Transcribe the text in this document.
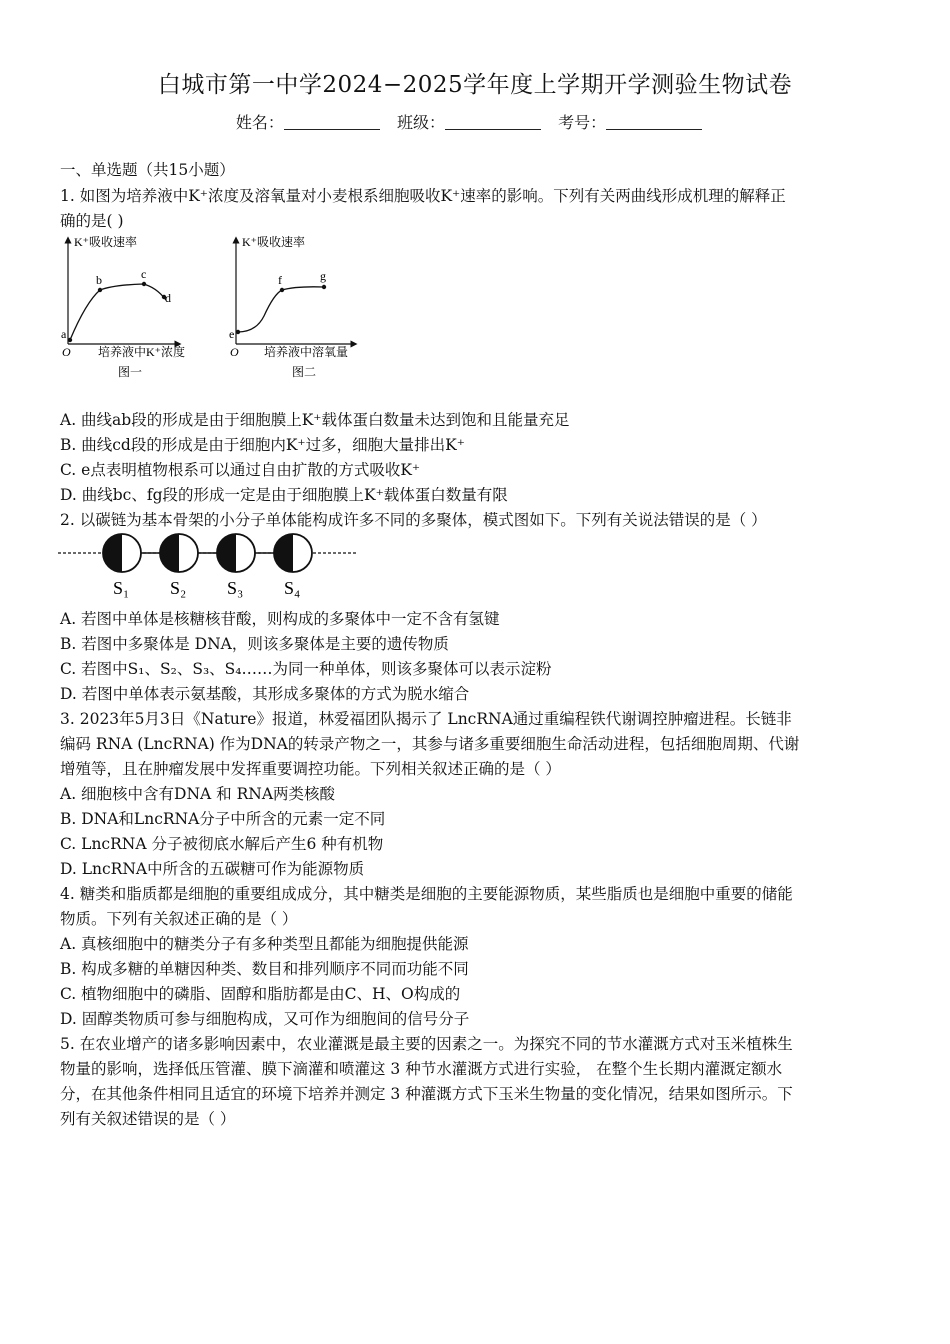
白城市第一中学2024−2025学年度上学期开学测验生物试卷
姓名：	班级：	考号：
一、单选题（共15小题）
1. 如图为培养液中K⁺浓度及溶氧量对小麦根系细胞吸收K⁺速率的影响。下列有关两曲线形成机理的解释正
确的是( )
K⁺吸收速率
a
b	c
d
O 培养液中K⁺浓度
图一
K⁺吸收速率
e
f	g
O 培养液中溶氧量
图二
A. 曲线ab段的形成是由于细胞膜上K⁺载体蛋白数量未达到饱和且能量充足
B. 曲线cd段的形成是由于细胞内K⁺过多，细胞大量排出K⁺
C. e点表明植物根系可以通过自由扩散的方式吸收K⁺
D. 曲线bc、fg段的形成一定是由于细胞膜上K⁺载体蛋白数量有限
2. 以碳链为基本骨架的小分子单体能构成许多不同的多聚体，模式图如下。下列有关说法错误的是（ ）
S₁ S₂ S₃ S₄
A. 若图中单体是核糖核苷酸，则构成的多聚体中一定不含有氢键
B. 若图中多聚体是 DNA，则该多聚体是主要的遗传物质
C. 若图中S₁、S₂、S₃、S₄……为同一种单体，则该多聚体可以表示淀粉
D. 若图中单体表示氨基酸，其形成多聚体的方式为脱水缩合
3. 2023年5月3日《Nature》报道，林爱福团队揭示了 LncRNA通过重编程铁代谢调控肿瘤进程。长链非
编码 RNA (LncRNA) 作为DNA的转录产物之一，其参与诸多重要细胞生命活动进程，包括细胞周期、代谢
增殖等，且在肿瘤发展中发挥重要调控功能。下列相关叙述正确的是（ ）
A. 细胞核中含有DNA 和 RNA两类核酸
B. DNA和LncRNA分子中所含的元素一定不同
C. LncRNA 分子被彻底水解后产生6 种有机物
D. LncRNA中所含的五碳糖可作为能源物质
4. 糖类和脂质都是细胞的重要组成成分，其中糖类是细胞的主要能源物质，某些脂质也是细胞中重要的储能
物质。下列有关叙述正确的是（ ）
A. 真核细胞中的糖类分子有多种类型且都能为细胞提供能源
B. 构成多糖的单糖因种类、数目和排列顺序不同而功能不同
C. 植物细胞中的磷脂、固醇和脂肪都是由C、H、O构成的
D. 固醇类物质可参与细胞构成，又可作为细胞间的信号分子
5. 在农业增产的诸多影响因素中，农业灌溉是最主要的因素之一。为探究不同的节水灌溉方式对玉米植株生
物量的影响，选择低压管灌、膜下滴灌和喷灌这 3 种节水灌溉方式进行实验， 在整个生长期内灌溉定额水
分，在其他条件相同且适宜的环境下培养并测定 3 种灌溉方式下玉米生物量的变化情况，结果如图所示。下
列有关叙述错误的是（ ）
